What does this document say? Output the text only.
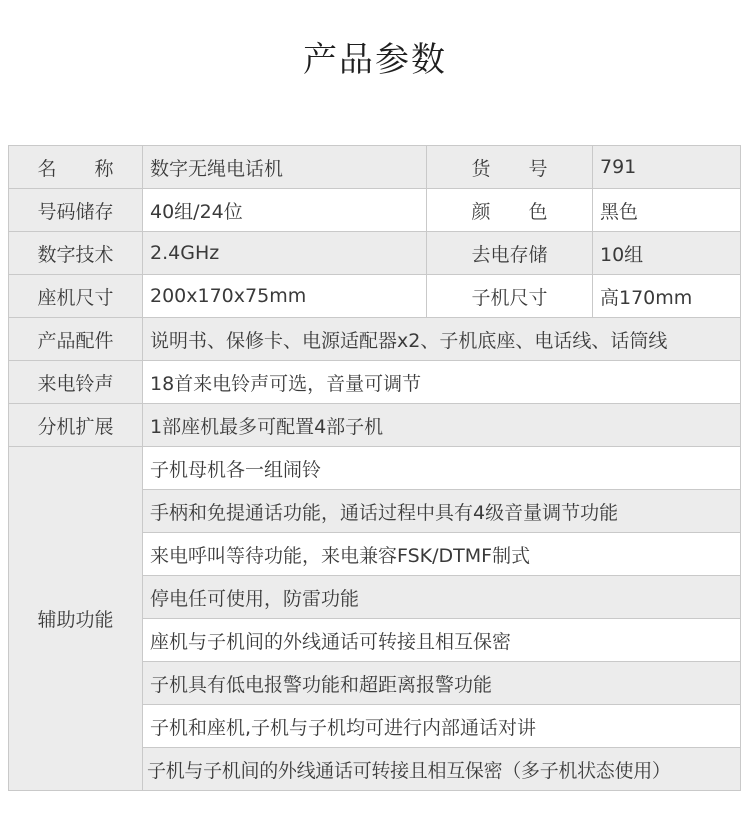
产品参数
名　　称	数字无绳电话机	货　　号	791
号码储存	40组/24位	颜　　色	黑色
数字技术	2.4GHz	去电存储	10组
座机尺寸	200x170x75mm	子机尺寸	高170mm
产品配件	说明书、保修卡、电源适配器x2、子机底座、电话线、话筒线
来电铃声	18首来电铃声可选，音量可调节
分机扩展	1部座机最多可配置4部子机
辅助功能
子机母机各一组闹铃
手柄和免提通话功能，通话过程中具有4级音量调节功能
来电呼叫等待功能，来电兼容FSK/DTMF制式
停电任可使用，防雷功能
座机与子机间的外线通话可转接且相互保密
子机具有低电报警功能和超距离报警功能
子机和座机,子机与子机均可进行内部通话对讲
子机与子机间的外线通话可转接且相互保密（多子机状态使用）
